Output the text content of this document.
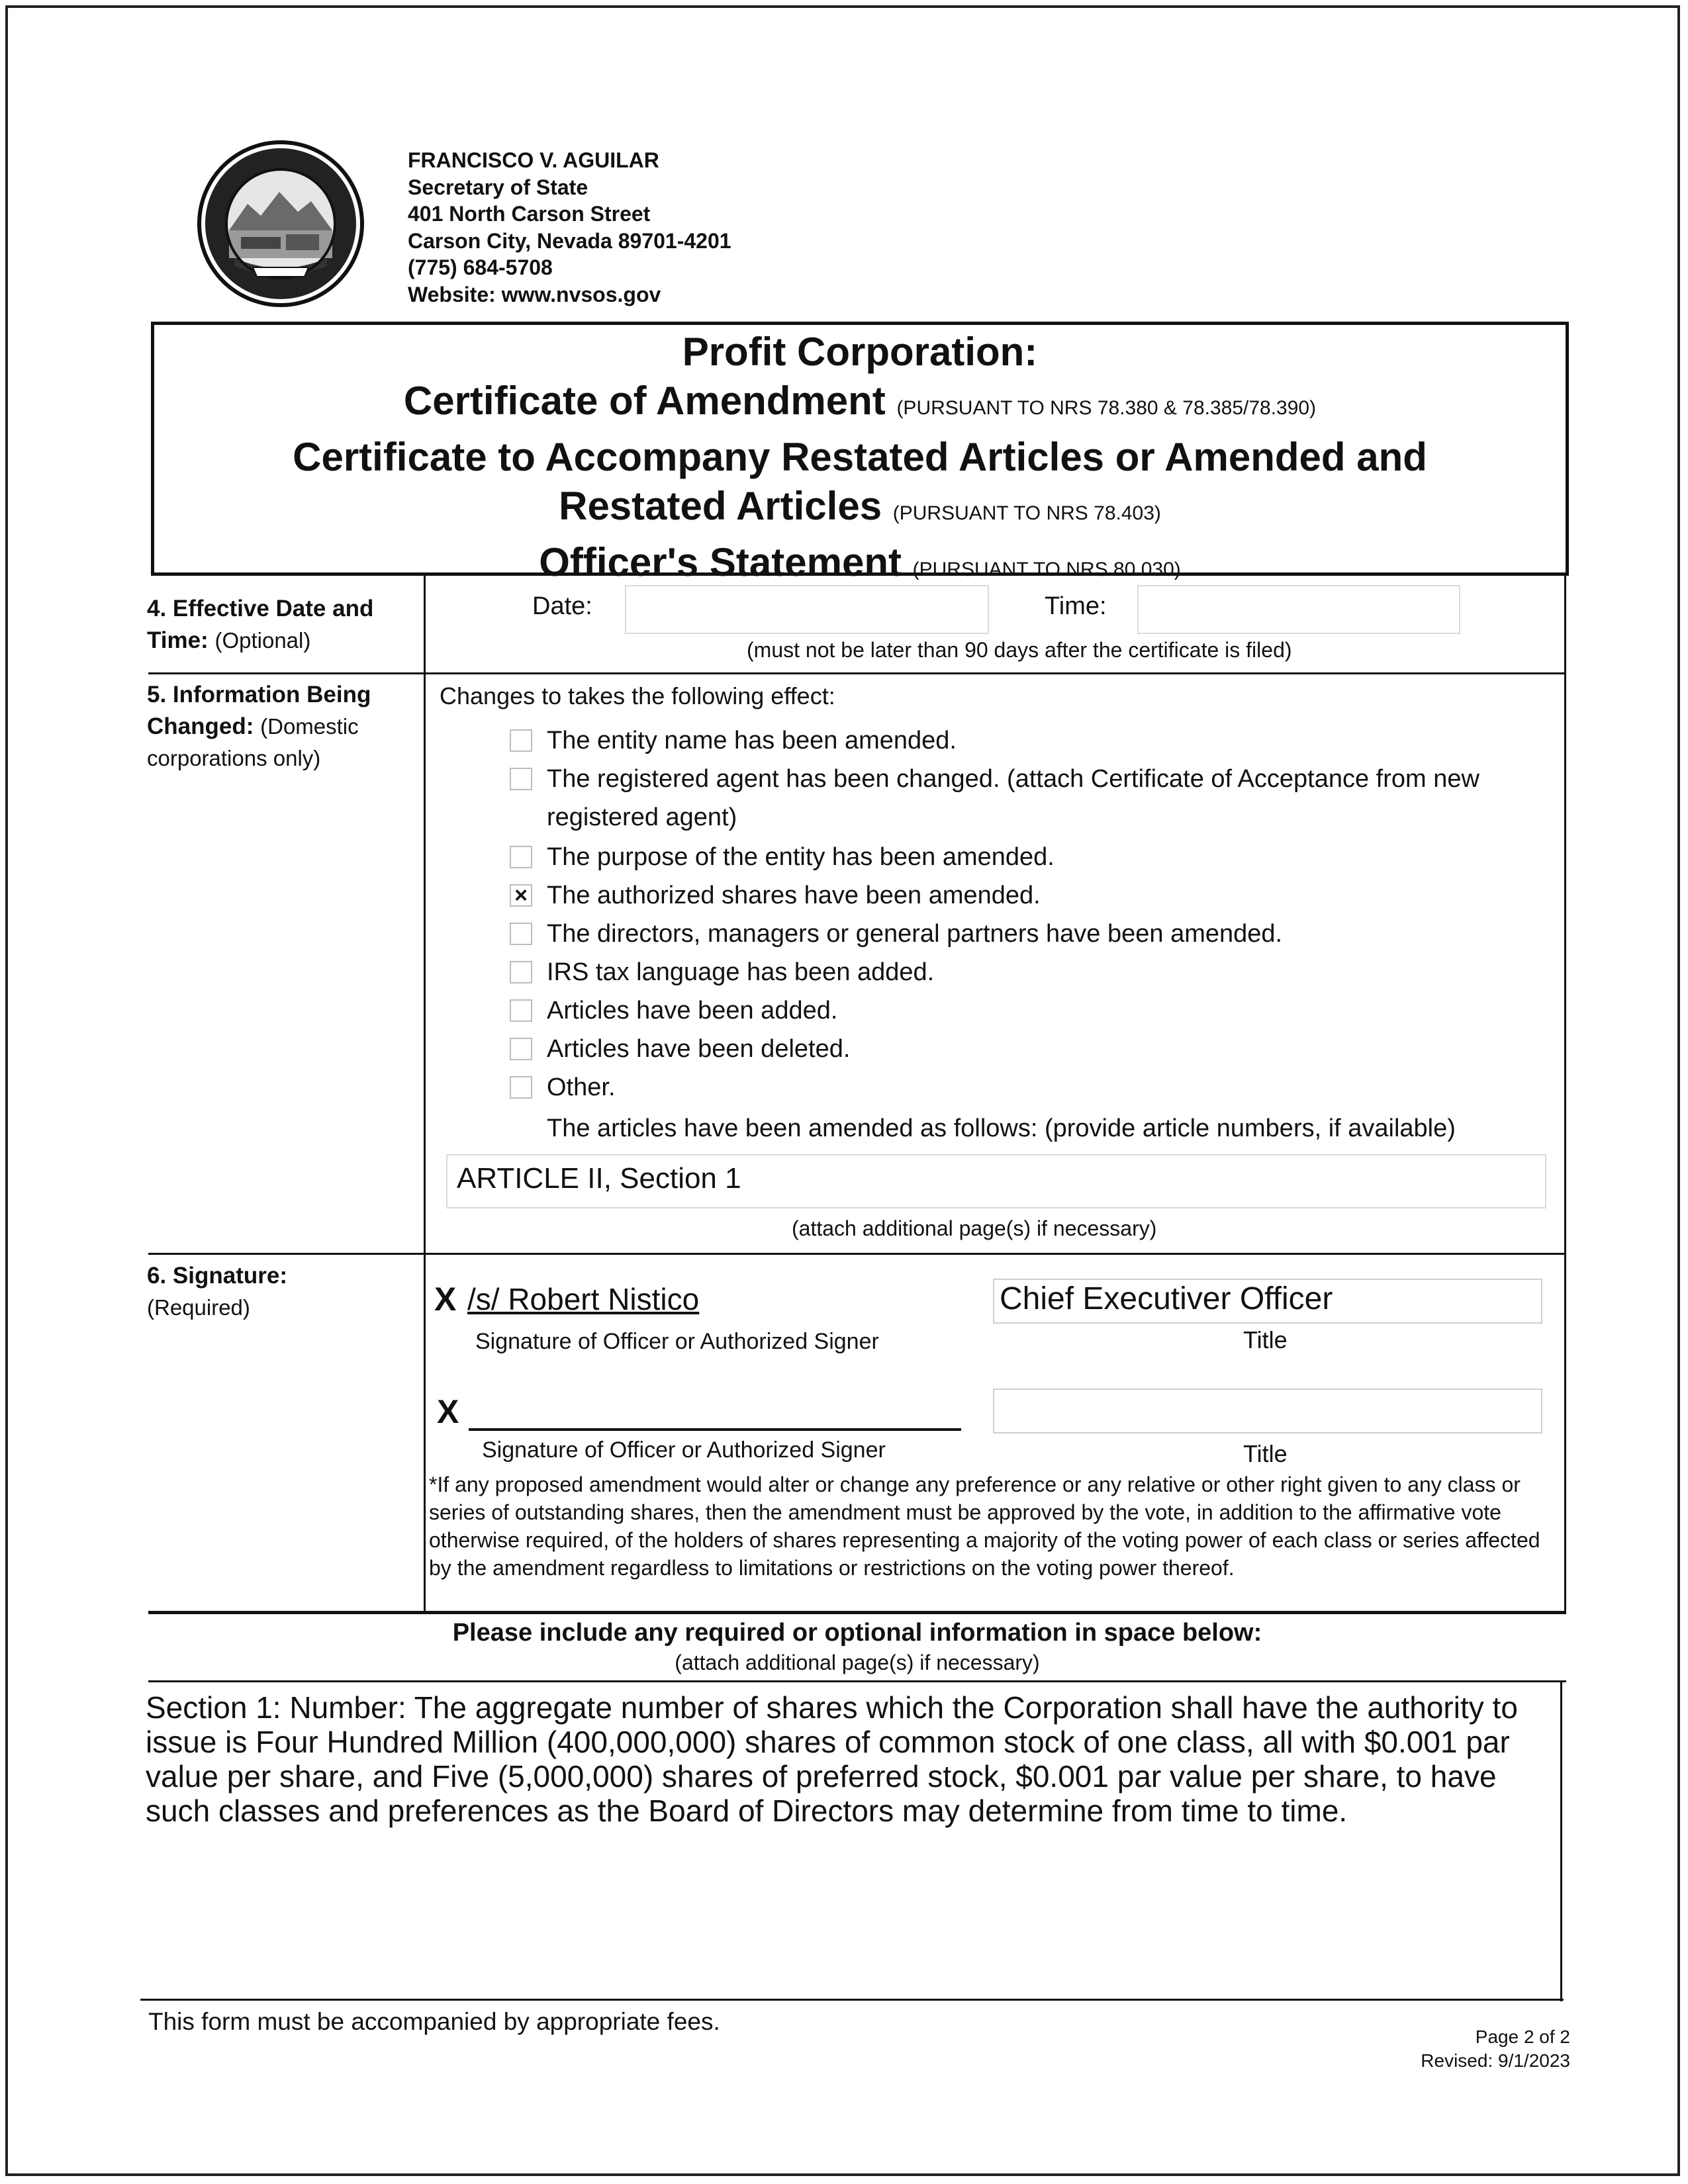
FRANCISCO V. AGUILAR
Secretary of State
401 North Carson Street
Carson City, Nevada 89701-4201
(775) 684-5708
Website: www.nvsos.gov
Profit Corporation:
Certificate of Amendment (PURSUANT TO NRS 78.380 & 78.385/78.390)
Certificate to Accompany Restated Articles or Amended and
Restated Articles (PURSUANT TO NRS 78.403)
Officer's Statement (PURSUANT TO NRS 80.030)
4. Effective Date and
Time: (Optional)
Date:	Time:
(must not be later than 90 days after the certificate is filed)
5. Information Being
Changed: (Domestic
corporations only)
Changes to takes the following effect:
The entity name has been amended.
The registered agent has been changed. (attach Certificate of Acceptance from new
registered agent)
The purpose of the entity has been amended.
× The authorized shares have been amended.
The directors, managers or general partners have been amended.
IRS tax language has been added.
Articles have been added.
Articles have been deleted.
Other.
The articles have been amended as follows: (provide article numbers, if available)
ARTICLE II, Section 1
(attach additional page(s) if necessary)
6. Signature:
(Required)	X /s/ Robert Nistico
Signature of Officer or Authorized Signer
Chief Executiver Officer
Title
X
Signature of Officer or Authorized Signer	Title
*If any proposed amendment would alter or change any preference or any relative or other right given to any class or series of outstanding shares, then the amendment must be approved by the vote, in addition to the affirmative vote otherwise required, of the holders of shares representing a majority of the voting power of each class or series affected by the amendment regardless to limitations or restrictions on the voting power thereof.
Please include any required or optional information in space below:
(attach additional page(s) if necessary)
Section 1: Number: The aggregate number of shares which the Corporation shall have the authority to issue is Four Hundred Million (400,000,000) shares of common stock of one class, all with $0.001 par value per share, and Five (5,000,000) shares of preferred stock, $0.001 par value per share, to have such classes and preferences as the Board of Directors may determine from time to time.
This form must be accompanied by appropriate fees.
Page 2 of 2
Revised: 9/1/2023
